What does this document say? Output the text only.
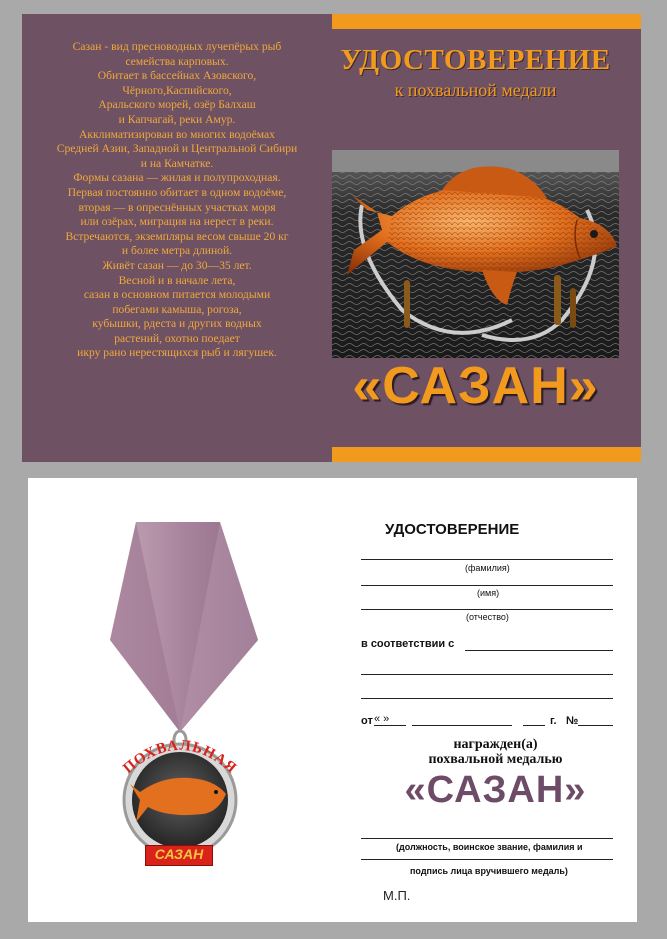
Сазан - вид пресноводных лучепёрых рыб
семейства карповых.
Обитает в бассейнах Азовского,
Чёрного,Каспийского,
Аральского морей, озёр Балхаш
и Капчагай, реки Амур.
Акклиматизирован во многих водоёмах
Средней Азии, Западной и Центральной Сибири
и на Камчатке.
Формы сазана — жилая и полупроходная.
Первая постоянно обитает в одном водоёме,
вторая — в опреснённых участках моря
или озёрах, миграция на нерест в реки.
Встречаются, экземпляры весом свыше 20 кг
и более метра длиной.
Живёт сазан — до 30—35 лет.
Весной и в начале лета,
сазан в основном питается молодыми
побегами камыша, рогоза,
кубышки, рдеста и других водных
растений, охотно поедает
икру рано нерестящихся рыб и лягушек.
УДОСТОВЕРЕНИЕ
к похвальной медали
«САЗАН»
ПОХВАЛЬНАЯ
САЗАН
УДОСТОВЕРЕНИЕ
(фамилия)
(имя)
(отчество)
в соответствии с
от « »	г. №
награжден(а)
похвальной медалью
«САЗАН»
(должность, воинское звание, фамилия и
подпись лица вручившего медаль)
М.П.
